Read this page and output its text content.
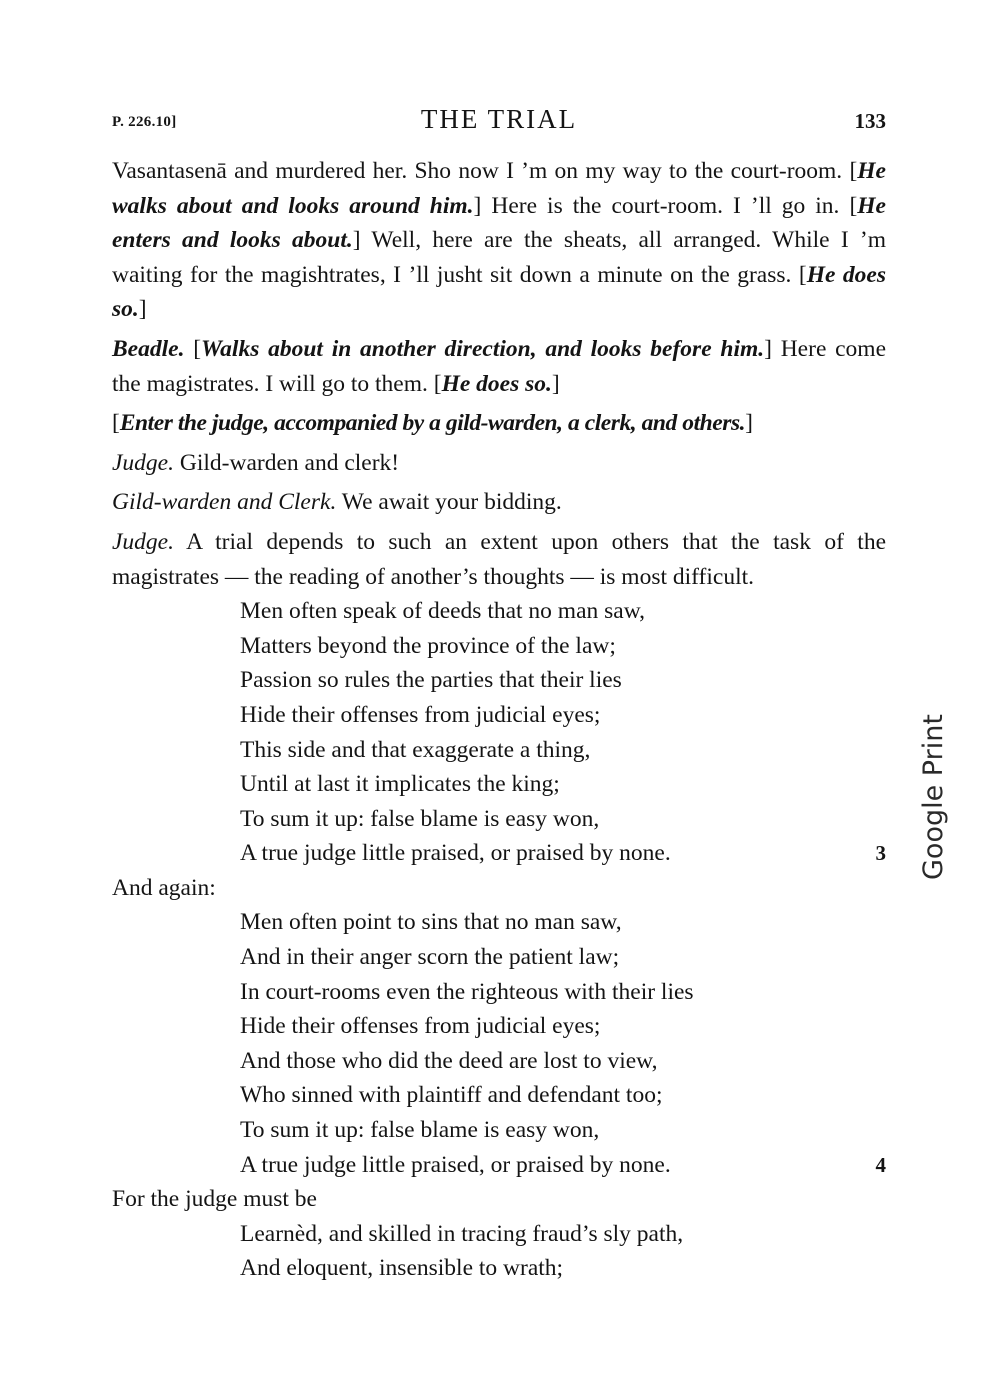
P. 226.10]	THE TRIAL	133

Vasantasenā and murdered her. Sho now I ’m on my way to the court-room. [He walks about and looks around him.] Here is the court-room. I ’ll go in. [He enters and looks about.] Well, here are the sheats, all arranged. While I ’m waiting for the magishtrates, I ’ll jusht sit down a minute on the grass. [He does so.]

Beadle. [Walks about in another direction, and looks before him.] Here come the magistrates. I will go to them. [He does so.]

[Enter the judge, accompanied by a gild-warden, a clerk, and others.]

Judge. Gild-warden and clerk!

Gild-warden and Clerk. We await your bidding.

Judge. A trial depends to such an extent upon others that the task of the magistrates — the reading of another’s thoughts — is most difficult.

Men often speak of deeds that no man saw,
Matters beyond the province of the law;
Passion so rules the parties that their lies
Hide their offenses from judicial eyes;
This side and that exaggerate a thing,
Until at last it implicates the king;
To sum it up: false blame is easy won,
A true judge little praised, or praised by none.	3

And again:

Men often point to sins that no man saw,
And in their anger scorn the patient law;
In court-rooms even the righteous with their lies
Hide their offenses from judicial eyes;
And those who did the deed are lost to view,
Who sinned with plaintiff and defendant too;
To sum it up: false blame is easy won,
A true judge little praised, or praised by none.	4

For the judge must be

Learnèd, and skilled in tracing fraud’s sly path,
And eloquent, insensible to wrath;
Google Print
